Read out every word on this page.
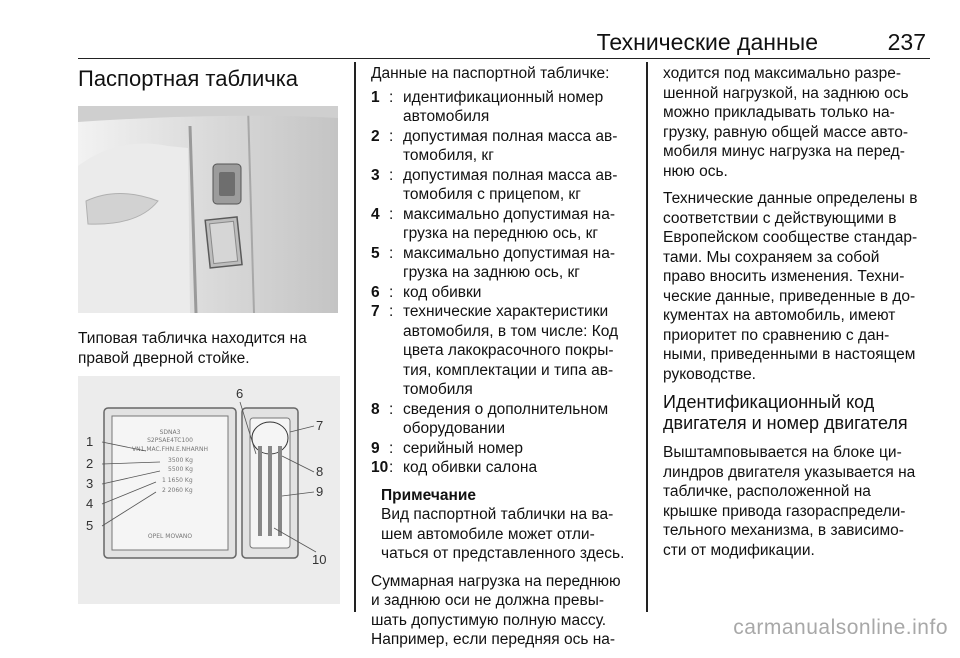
Технические данные	237
Паспортная табличка
Типовая табличка находится на
правой дверной стойке.
SDNA3
S2PSAE4TC100
VN1.MAC.FHN.E.NHARNH
3500 Kg
5500 Kg
1 1650 Kg
2 2060 Kg
OPEL MOVANO
1
2
3
4
5
6
7
8
9
10
Данные на паспортной табличке:
1 : идентификационный номер
автомобиля
2 : допустимая полная масса ав-
томобиля, кг
3 : допустимая полная масса ав-
томобиля с прицепом, кг
4 : максимально допустимая на-
грузка на переднюю ось, кг
5 : максимально допустимая на-
грузка на заднюю ось, кг
6 : код обивки
7 : технические характеристики
автомобиля, в том числе: Код
цвета лакокрасочного покры-
тия, комплектации и типа ав-
томобиля
8 : сведения о дополнительном
оборудовании
9 : серийный номер
10 : код обивки салона
Примечание
Вид паспортной таблички на ва-
шем автомобиле может отли-
чаться от представленного здесь.
Суммарная нагрузка на переднюю
и заднюю оси не должна превы-
шать допустимую полную массу.
Например, если передняя ось на-
ходится под максимально разре-
шенной нагрузкой, на заднюю ось
можно прикладывать только на-
грузку, равную общей массе авто-
мобиля минус нагрузка на перед-
нюю ось.
Технические данные определены в
соответствии с действующими в
Европейском сообществе стандар-
тами. Мы сохраняем за собой
право вносить изменения. Техни-
ческие данные, приведенные в до-
кументах на автомобиль, имеют
приоритет по сравнению с дан-
ными, приведенными в настоящем
руководстве.
Идентификационный код
двигателя и номер двигателя
Выштамповывается на блоке ци-
линдров двигателя указывается на
табличке, расположенной на
крышке привода газораспредели-
тельного механизма, в зависимо-
сти от модификации.
carmanualsonline.info
